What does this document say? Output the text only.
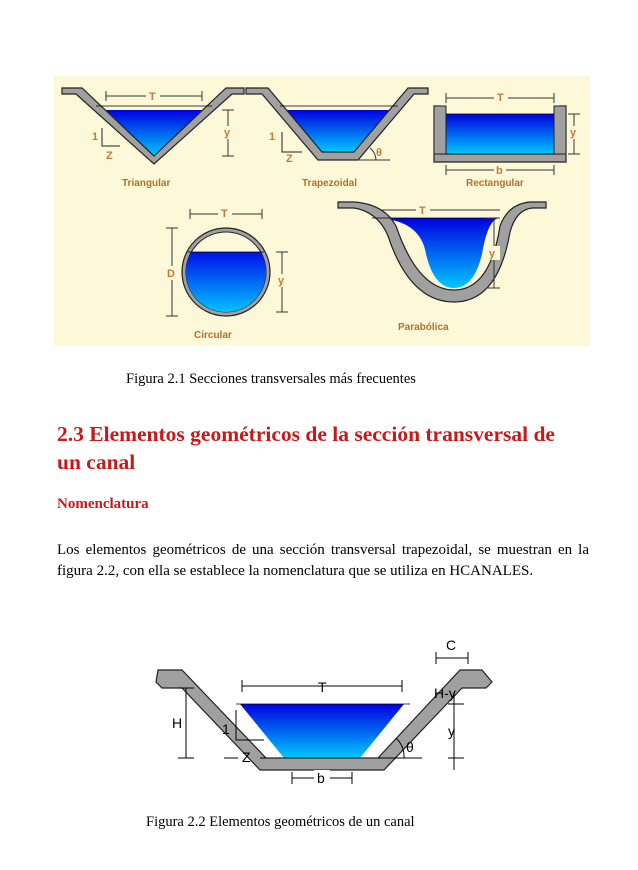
T
y
1
Z
Triangular
1
Z	θ
Trapezoidal
T
y
b
Rectangular
T
D
y
Circular
T
y
Parabólica
Figura 2.1 Secciones transversales más frecuentes
2.3 Elementos geométricos de la sección transversal de un canal
Nomenclatura
Los elementos geométricos de una sección transversal trapezoidal, se muestran en la figura 2.2, con ella se establece la nomenclatura que se utiliza en HCANALES.
C
T	H-y
y
H	1
Z
θ
b
Figura 2.2 Elementos geométricos de un canal
